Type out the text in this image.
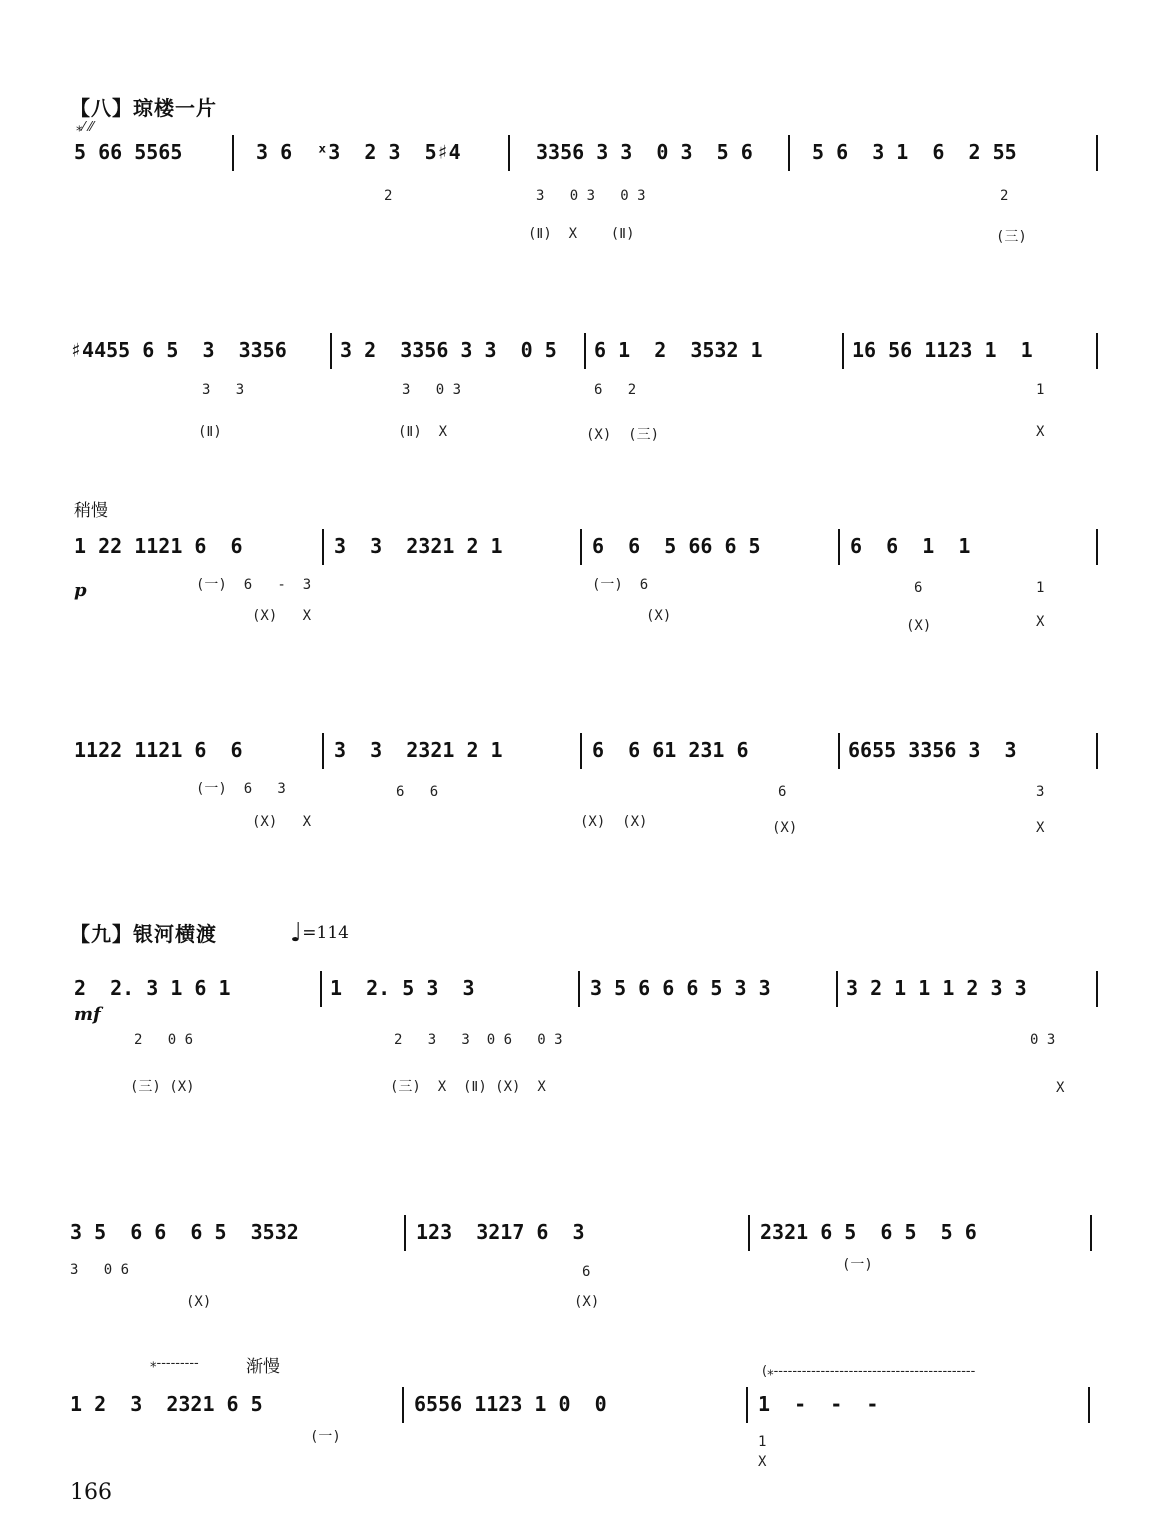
【八】琼楼一片
⁎⁄ ⁄⁄
5 66 5565	3 6  ˣ3  2 3  5♯4	3356 3 3  0 3  5 6	5 6  3 1  6  2 55
2	3   0 3   0 3	2
(Ⅱ)  X    (Ⅱ)	(三)
♯4455 6 5  3  3356	3 2  3356 3 3  0 5 6 1  2  3532 1	16 56 1123 1  1
3   3	3   0 3	6   2	1
(Ⅱ)	(Ⅱ)  X	(X)  (三)	X
稍慢
1 22 1121 6  6	3  3  2321 2 1	6  6  5 66 6 5	6  6  1  1
p	(一)  6   -  3	(一)  6	6	1
(X)   X	(X)
(X)	X
1122 1121 6  6	3  3  2321 2 1	6  6 61 231 6	6655 3356 3  3
(一)  6   3	6   6	6	3
(X)   X	(X)  (X)	(X)	X
【九】银河横渡	♩=114
2  2. 3 1 6 1	1  2. 5 3  3	3 5 6 6 6 5 3 3	3 2 1 1 1 2 3 3
mf
2   0 6	2   3   3  0 6   0 3	0 3
(三) (X)	(三)  X  (Ⅱ) (X)  X	X
3 5  6 6  6 5  3532	123  3217 6  3	2321 6 5  6 5  5 6
3   0 6	6	(一)
(X)	(X)
渐慢
⁎---------
(⁎-------------------------------------------
1 2  3  2321 6 5	6556 1123 1 0  0	1  -  -  -
(一)	1
X
166
